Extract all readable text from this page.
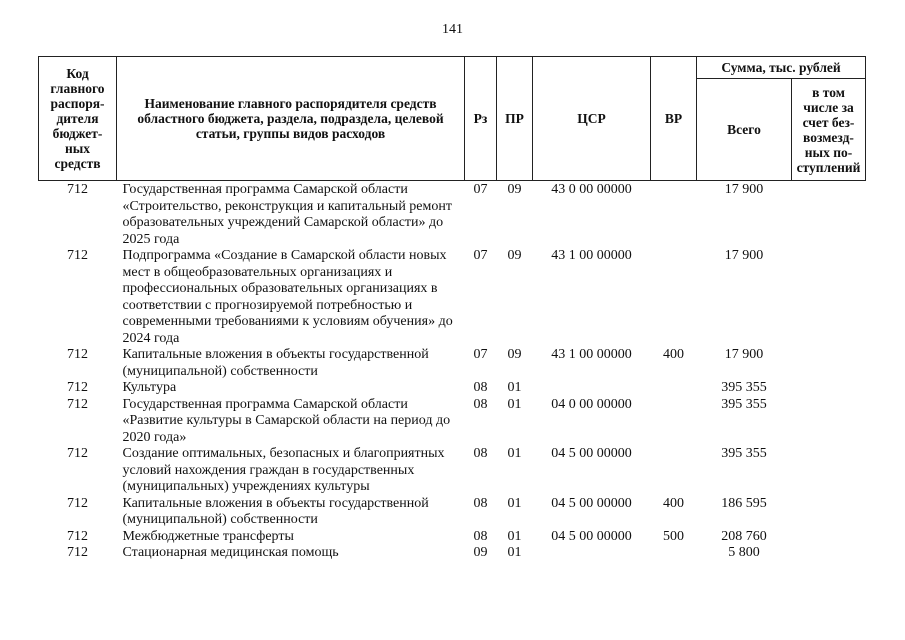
141
Код главного распоря-дителя бюджет-ных средств	Наименование главного распорядителя средств областного бюджета, раздела, подраздела, целевой статьи, группы видов расходов	Рз	ПР	ЦСР	ВР	Сумма, тыс. рублей	
						Всего	в том числе за счет без-возмезд-ных по-ступлений
712	Государственная программа Самарской области «Строительство, реконструкция и капитальный ремонт образовательных учреждений Самарской области» до 2025 года	07	09	43 0 00 00000		17 900	
712	Подпрограмма «Создание в Самарской области новых мест в общеобразовательных организациях и профессиональных образовательных организациях в соответствии с прогнозируемой потребностью и современными требованиями к условиям обучения» до 2024 года	07	09	43 1 00 00000		17 900	
712	Капитальные вложения в объекты государственной (муниципальной) собственности	07	09	43 1 00 00000	400	17 900	
712	Культура	08	01			395 355	
712	Государственная программа Самарской области «Развитие культуры в Самарской области на период до 2020 года»	08	01	04 0 00 00000		395 355	
712	Создание оптимальных, безопасных и благоприятных условий нахождения граждан в государственных (муниципальных) учреждениях культуры	08	01	04 5 00 00000		395 355	
712	Капитальные вложения в объекты государственной (муниципальной) собственности	08	01	04 5 00 00000	400	186 595	
712	Межбюджетные трансферты	08	01	04 5 00 00000	500	208 760	
712	Стационарная медицинская помощь	09	01			5 800	
